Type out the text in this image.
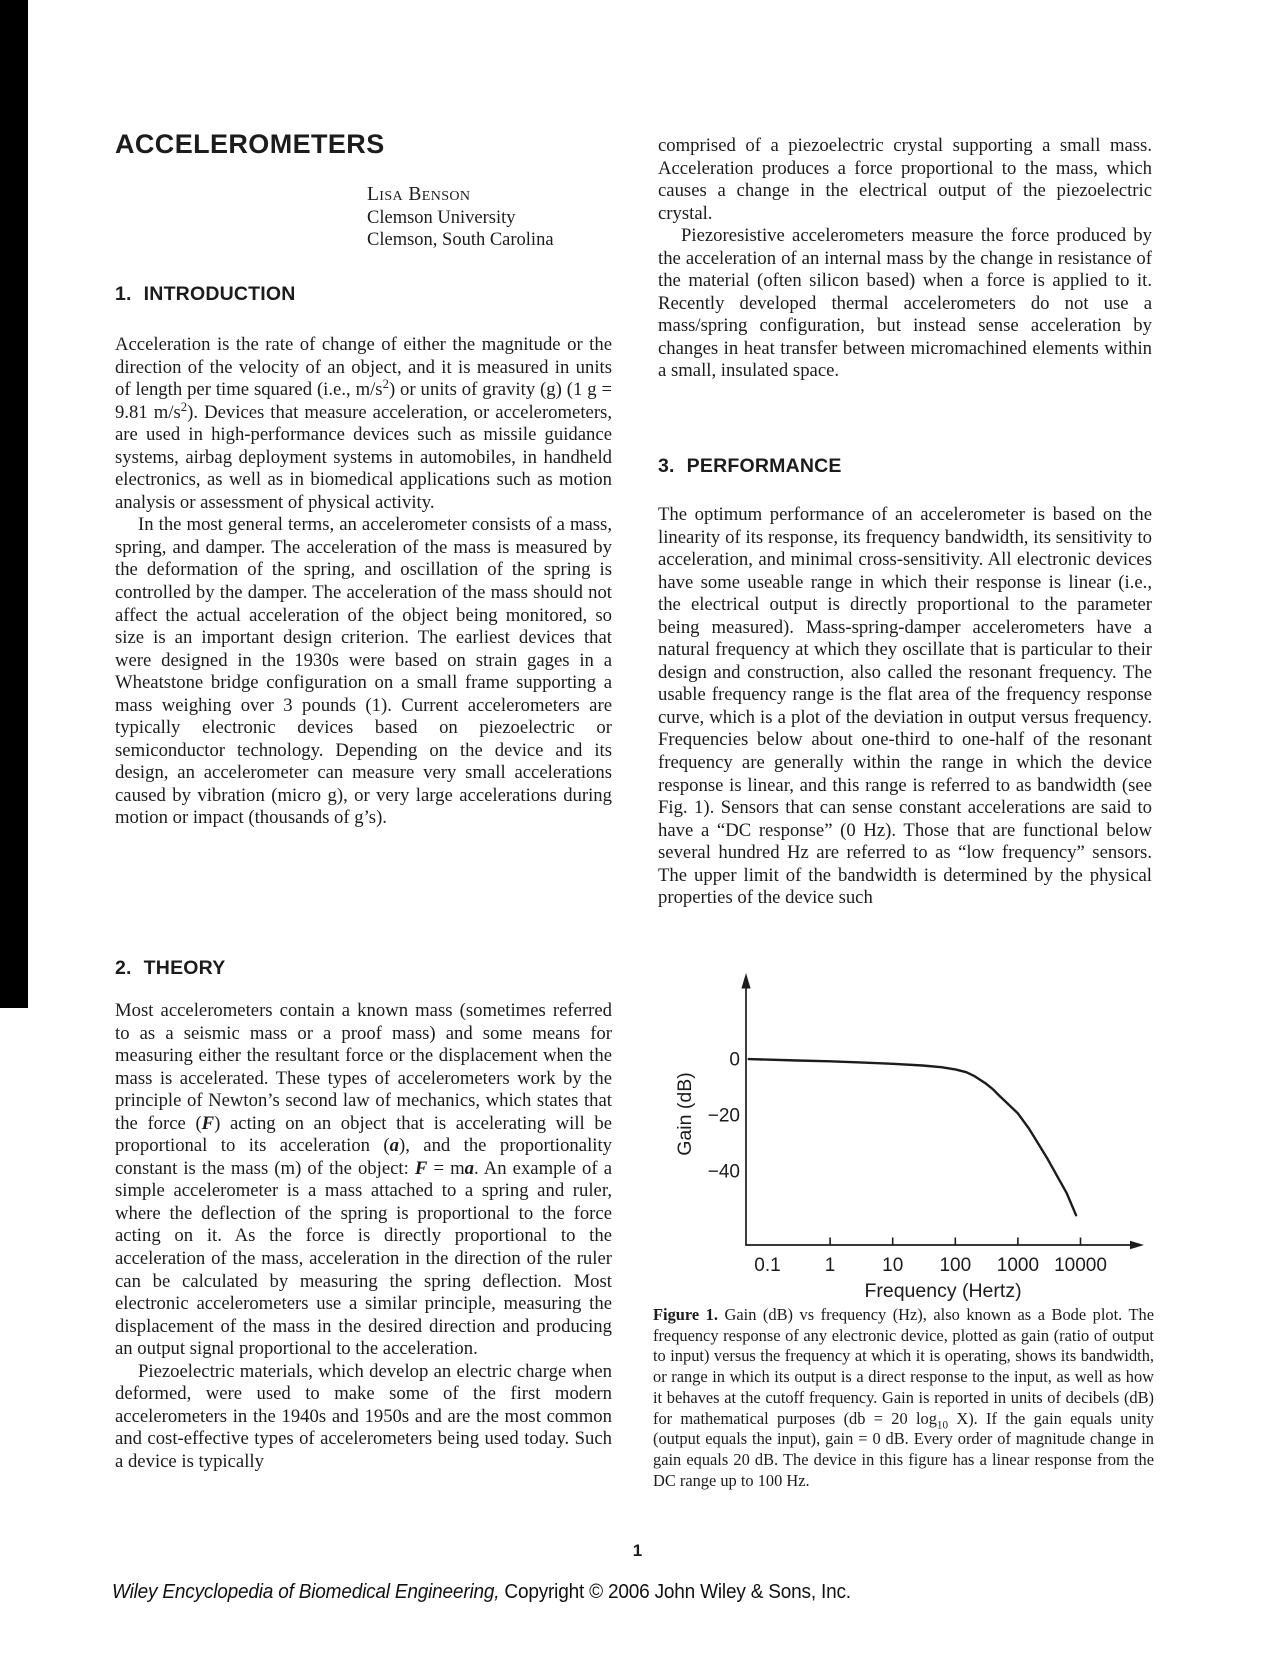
ACCELEROMETERS
Lisa Benson
Clemson University
Clemson, South Carolina
1. INTRODUCTION

Acceleration is the rate of change of either the magnitude or the direction of the velocity of an object, and it is measured in units of length per time squared (i.e., $m/s^2$) or units of gravity (g) (1 g = 9.81 $m/s^2$). Devices that measure acceleration, or accelerometers, are used in high-performance devices such as missile guidance systems, airbag deployment systems in automobiles, in handheld electronics, as well as in biomedical applications such as motion analysis or assessment of physical activity.

In the most general terms, an accelerometer consists of a mass, spring, and damper. The acceleration of the mass is measured by the deformation of the spring, and oscillation of the spring is controlled by the damper. The acceleration of the mass should not affect the actual acceleration of the object being monitored, so size is an important design criterion. The earliest devices that were designed in the 1930s were based on strain gages in a Wheatstone bridge configuration on a small frame supporting a mass weighing over 3 pounds (1). Current accelerometers are typically electronic devices based on piezoelectric or semiconductor technology. Depending on the device and its design, an accelerometer can measure very small accelerations caused by vibration (micro g), or very large accelerations during motion or impact (thousands of g’s).

2. THEORY

Most accelerometers contain a known mass (sometimes referred to as a seismic mass or a proof mass) and some means for measuring either the resultant force or the displacement when the mass is accelerated. These types of accelerometers work by the principle of Newton’s second law of mechanics, which states that the force (F) acting on an object that is accelerating will be proportional to its acceleration (a), and the proportionality constant is the mass (m) of the object: F = ma. An example of a simple accelerometer is a mass attached to a spring and ruler, where the deflection of the spring is proportional to the force acting on it. As the force is directly proportional to the acceleration of the mass, acceleration in the direction of the ruler can be calculated by measuring the spring deflection. Most electronic accelerometers use a similar principle, measuring the displacement of the mass in the desired direction and producing an output signal proportional to the acceleration.

Piezoelectric materials, which develop an electric charge when deformed, were used to make some of the first modern accelerometers in the 1940s and 1950s and are the most common and cost-effective types of accelerometers being used today. Such a device is typically

comprised of a piezoelectric crystal supporting a small mass. Acceleration produces a force proportional to the mass, which causes a change in the electrical output of the piezoelectric crystal.

Piezoresistive accelerometers measure the force produced by the acceleration of an internal mass by the change in resistance of the material (often silicon based) when a force is applied to it. Recently developed thermal accelerometers do not use a mass/spring configuration, but instead sense acceleration by changes in heat transfer between micromachined elements within a small, insulated space.

3. PERFORMANCE

The optimum performance of an accelerometer is based on the linearity of its response, its frequency bandwidth, its sensitivity to acceleration, and minimal cross-sensitivity. All electronic devices have some useable range in which their response is linear (i.e., the electrical output is directly proportional to the parameter being measured). Mass-spring-damper accelerometers have a natural frequency at which they oscillate that is particular to their design and construction, also called the resonant frequency. The usable frequency range is the flat area of the frequency response curve, which is a plot of the deviation in output versus frequency. Frequencies below about one-third to one-half of the resonant frequency are generally within the range in which the device response is linear, and this range is referred to as bandwidth (see Fig. 1). Sensors that can sense constant accelerations are said to have a “DC response” (0 Hz). Those that are functional below several hundred Hz are referred to as “low frequency” sensors. The upper limit of the bandwidth is determined by the physical properties of the device such

0.1 1 10 100 1000 10000
0
−20
−40
Gain (dB)
Frequency (Hertz)
Figure 1. Gain (dB) vs frequency (Hz), also known as a Bode plot. The frequency response of any electronic device, plotted as gain (ratio of output to input) versus the frequency at which it is operating, shows its bandwidth, or range in which its output is a direct response to the input, as well as how it behaves at the cutoff frequency. Gain is reported in units of decibels (dB) for mathematical purposes (db = 20 $\log_{10} X$). If the gain equals unity (output equals the input), gain = 0 dB. Every order of magnitude change in gain equals 20 dB. The device in this figure has a linear response from the DC range up to 100 Hz.
1
Wiley Encyclopedia of Biomedical Engineering, Copyright © 2006 John Wiley & Sons, Inc.
